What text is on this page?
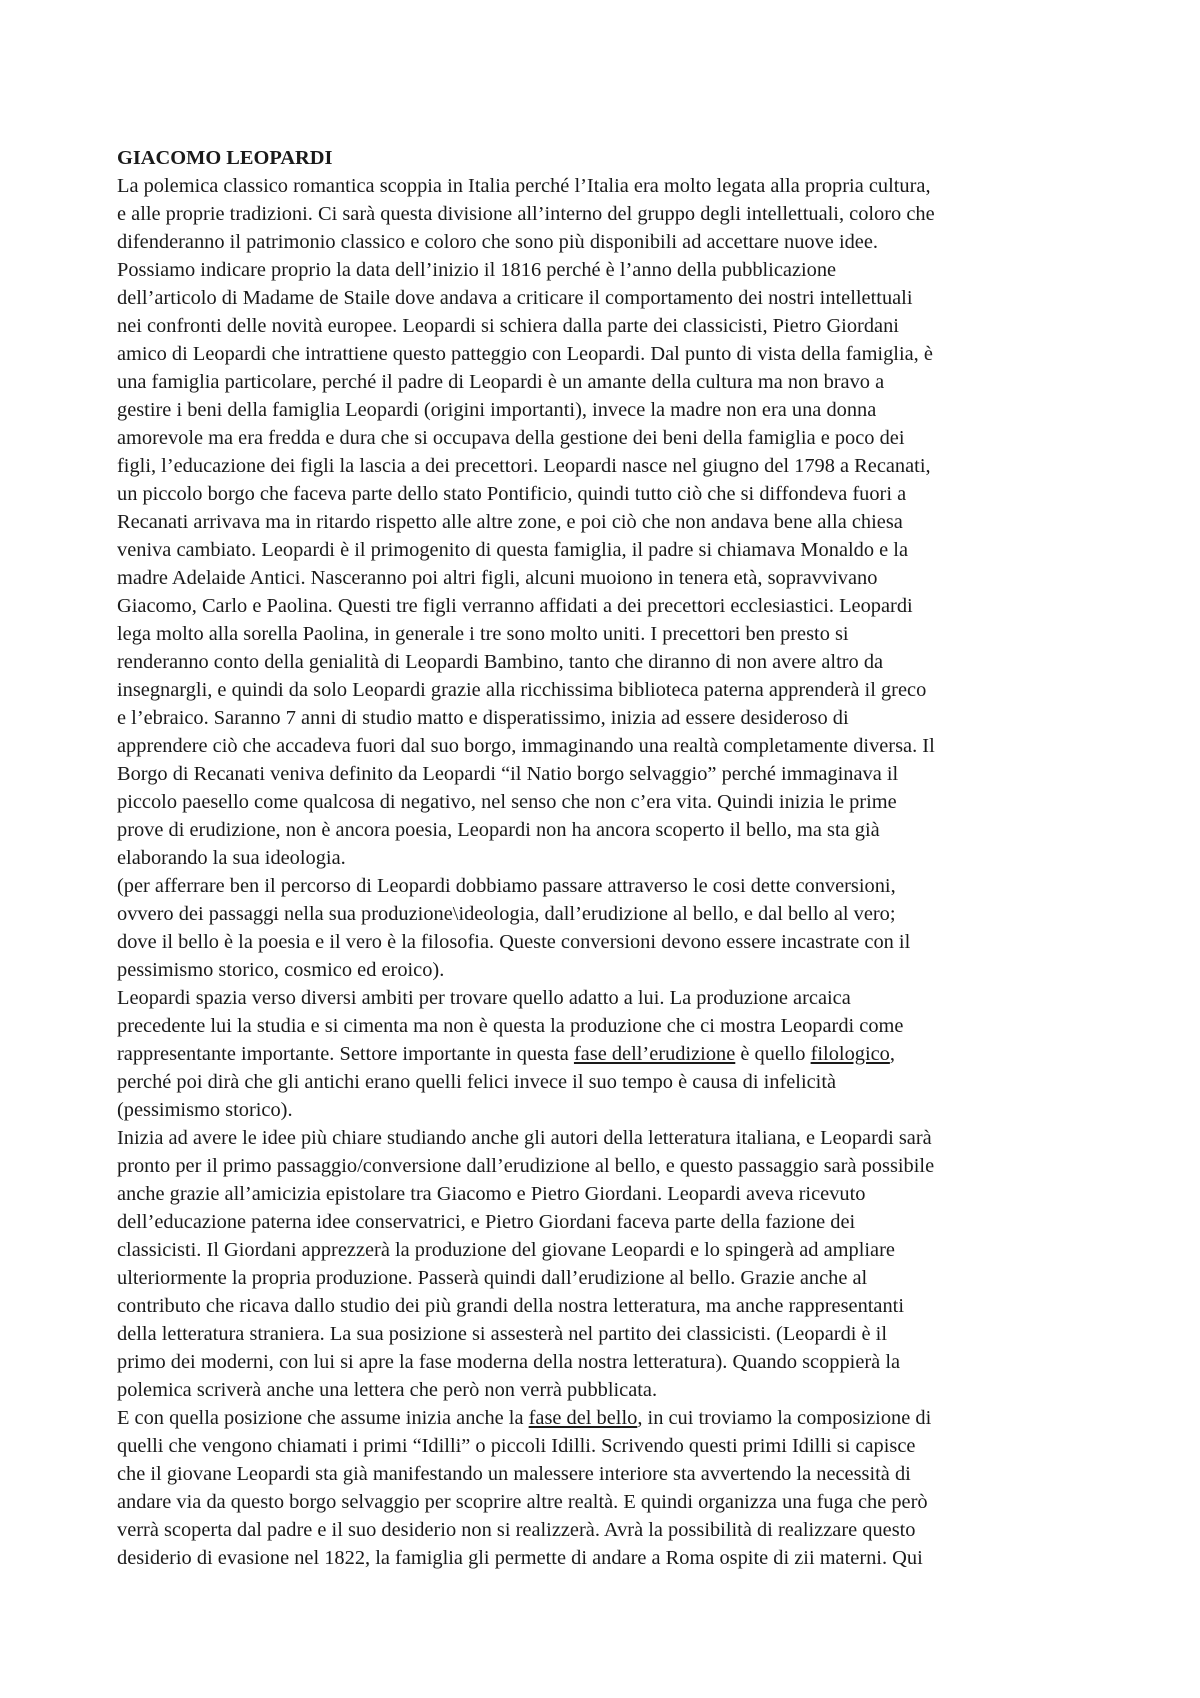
GIACOMO LEOPARDI
La polemica classico romantica scoppia in Italia perché l’Italia era molto legata alla propria cultura,
e alle proprie tradizioni. Ci sarà questa divisione all’interno del gruppo degli intellettuali, coloro che
difenderanno il patrimonio classico e coloro che sono più disponibili ad accettare nuove idee.
Possiamo indicare proprio la data dell’inizio il 1816 perché è l’anno della pubblicazione
dell’articolo di Madame de Staile dove andava a criticare il comportamento dei nostri intellettuali
nei confronti delle novità europee. Leopardi si schiera dalla parte dei classicisti, Pietro Giordani
amico di Leopardi che intrattiene questo patteggio con Leopardi. Dal punto di vista della famiglia, è
una famiglia particolare, perché il padre di Leopardi è un amante della cultura ma non bravo a
gestire i beni della famiglia Leopardi (origini importanti), invece la madre non era una donna
amorevole ma era fredda e dura che si occupava della gestione dei beni della famiglia e poco dei
figli, l’educazione dei figli la lascia a dei precettori. Leopardi nasce nel giugno del 1798 a Recanati,
un piccolo borgo che faceva parte dello stato Pontificio, quindi tutto ciò che si diffondeva fuori a
Recanati arrivava ma in ritardo rispetto alle altre zone, e poi ciò che non andava bene alla chiesa
veniva cambiato. Leopardi è il primogenito di questa famiglia, il padre si chiamava Monaldo e la
madre Adelaide Antici. Nasceranno poi altri figli, alcuni muoiono in tenera età, sopravvivano
Giacomo, Carlo e Paolina. Questi tre figli verranno affidati a dei precettori ecclesiastici. Leopardi
lega molto alla sorella Paolina, in generale i tre sono molto uniti. I precettori ben presto si
renderanno conto della genialità di Leopardi Bambino, tanto che diranno di non avere altro da
insegnargli, e quindi da solo Leopardi grazie alla ricchissima biblioteca paterna apprenderà il greco
e l’ebraico. Saranno 7 anni di studio matto e disperatissimo, inizia ad essere desideroso di
apprendere ciò che accadeva fuori dal suo borgo, immaginando una realtà completamente diversa. Il
Borgo di Recanati veniva definito da Leopardi “il Natio borgo selvaggio” perché immaginava il
piccolo paesello come qualcosa di negativo, nel senso che non c’era vita. Quindi inizia le prime
prove di erudizione, non è ancora poesia, Leopardi non ha ancora scoperto il bello, ma sta già
elaborando la sua ideologia.
(per afferrare ben il percorso di Leopardi dobbiamo passare attraverso le cosi dette conversioni,
ovvero dei passaggi nella sua produzione\ideologia, dall’erudizione al bello, e dal bello al vero;
dove il bello è la poesia e il vero è la filosofia. Queste conversioni devono essere incastrate con il
pessimismo storico, cosmico ed eroico).
Leopardi spazia verso diversi ambiti per trovare quello adatto a lui. La produzione arcaica
precedente lui la studia e si cimenta ma non è questa la produzione che ci mostra Leopardi come
rappresentante importante. Settore importante in questa fase dell’erudizione è quello filologico,
perché poi dirà che gli antichi erano quelli felici invece il suo tempo è causa di infelicità
(pessimismo storico).
Inizia ad avere le idee più chiare studiando anche gli autori della letteratura italiana, e Leopardi sarà
pronto per il primo passaggio/conversione dall’erudizione al bello, e questo passaggio sarà possibile
anche grazie all’amicizia epistolare tra Giacomo e Pietro Giordani. Leopardi aveva ricevuto
dell’educazione paterna idee conservatrici, e Pietro Giordani faceva parte della fazione dei
classicisti. Il Giordani apprezzerà la produzione del giovane Leopardi e lo spingerà ad ampliare
ulteriormente la propria produzione. Passerà quindi dall’erudizione al bello. Grazie anche al
contributo che ricava dallo studio dei più grandi della nostra letteratura, ma anche rappresentanti
della letteratura straniera. La sua posizione si assesterà nel partito dei classicisti. (Leopardi è il
primo dei moderni, con lui si apre la fase moderna della nostra letteratura). Quando scoppierà la
polemica scriverà anche una lettera che però non verrà pubblicata.
E con quella posizione che assume inizia anche la fase del bello, in cui troviamo la composizione di
quelli che vengono chiamati i primi “Idilli” o piccoli Idilli. Scrivendo questi primi Idilli si capisce
che il giovane Leopardi sta già manifestando un malessere interiore sta avvertendo la necessità di
andare via da questo borgo selvaggio per scoprire altre realtà. E quindi organizza una fuga che però
verrà scoperta dal padre e il suo desiderio non si realizzerà. Avrà la possibilità di realizzare questo
desiderio di evasione nel 1822, la famiglia gli permette di andare a Roma ospite di zii materni. Qui
